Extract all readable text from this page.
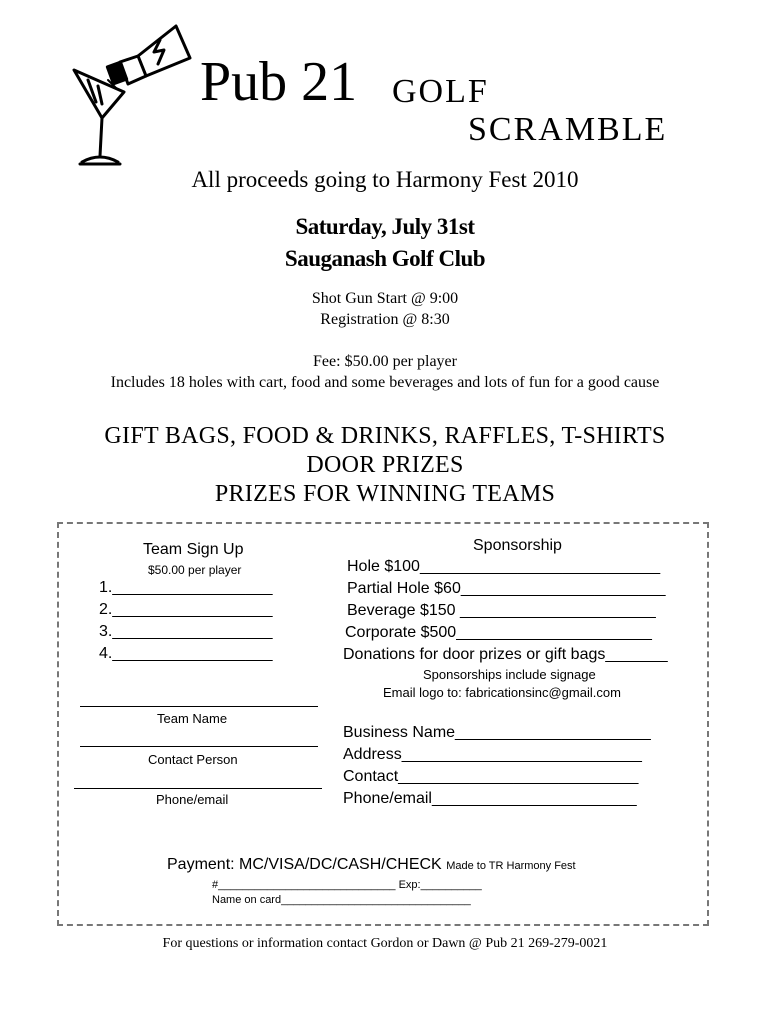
Pub 21 GOLF
SCRAMBLE
All proceeds going to Harmony Fest 2010
Saturday, July 31st
Sauganash Golf Club
Shot Gun Start @ 9:00
Registration @ 8:30
Fee: $50.00 per player
Includes 18 holes with cart, food and some beverages and lots of fun for a good cause
GIFT BAGS, FOOD & DRINKS, RAFFLES, T-SHIRTS
DOOR PRIZES
PRIZES FOR WINNING TEAMS
Team Sign Up
$50.00 per player
1.__________________
2.__________________
3.__________________
4.__________________
Team Name
Contact Person
Phone/email
Sponsorship
Hole $100___________________________
Partial Hole $60_______________________
Beverage $150 ______________________
Corporate $500______________________
Donations for door prizes or gift bags_______
Sponsorships include signage
Email logo to: fabricationsinc@gmail.com
Business Name______________________
Address___________________________
Contact___________________________
Phone/email_______________________
Payment: MC/VISA/DC/CASH/CHECK Made to TR Harmony Fest
#_____________________________ Exp:__________
Name on card_______________________________
For questions or information contact Gordon or Dawn @ Pub 21 269-279-0021
